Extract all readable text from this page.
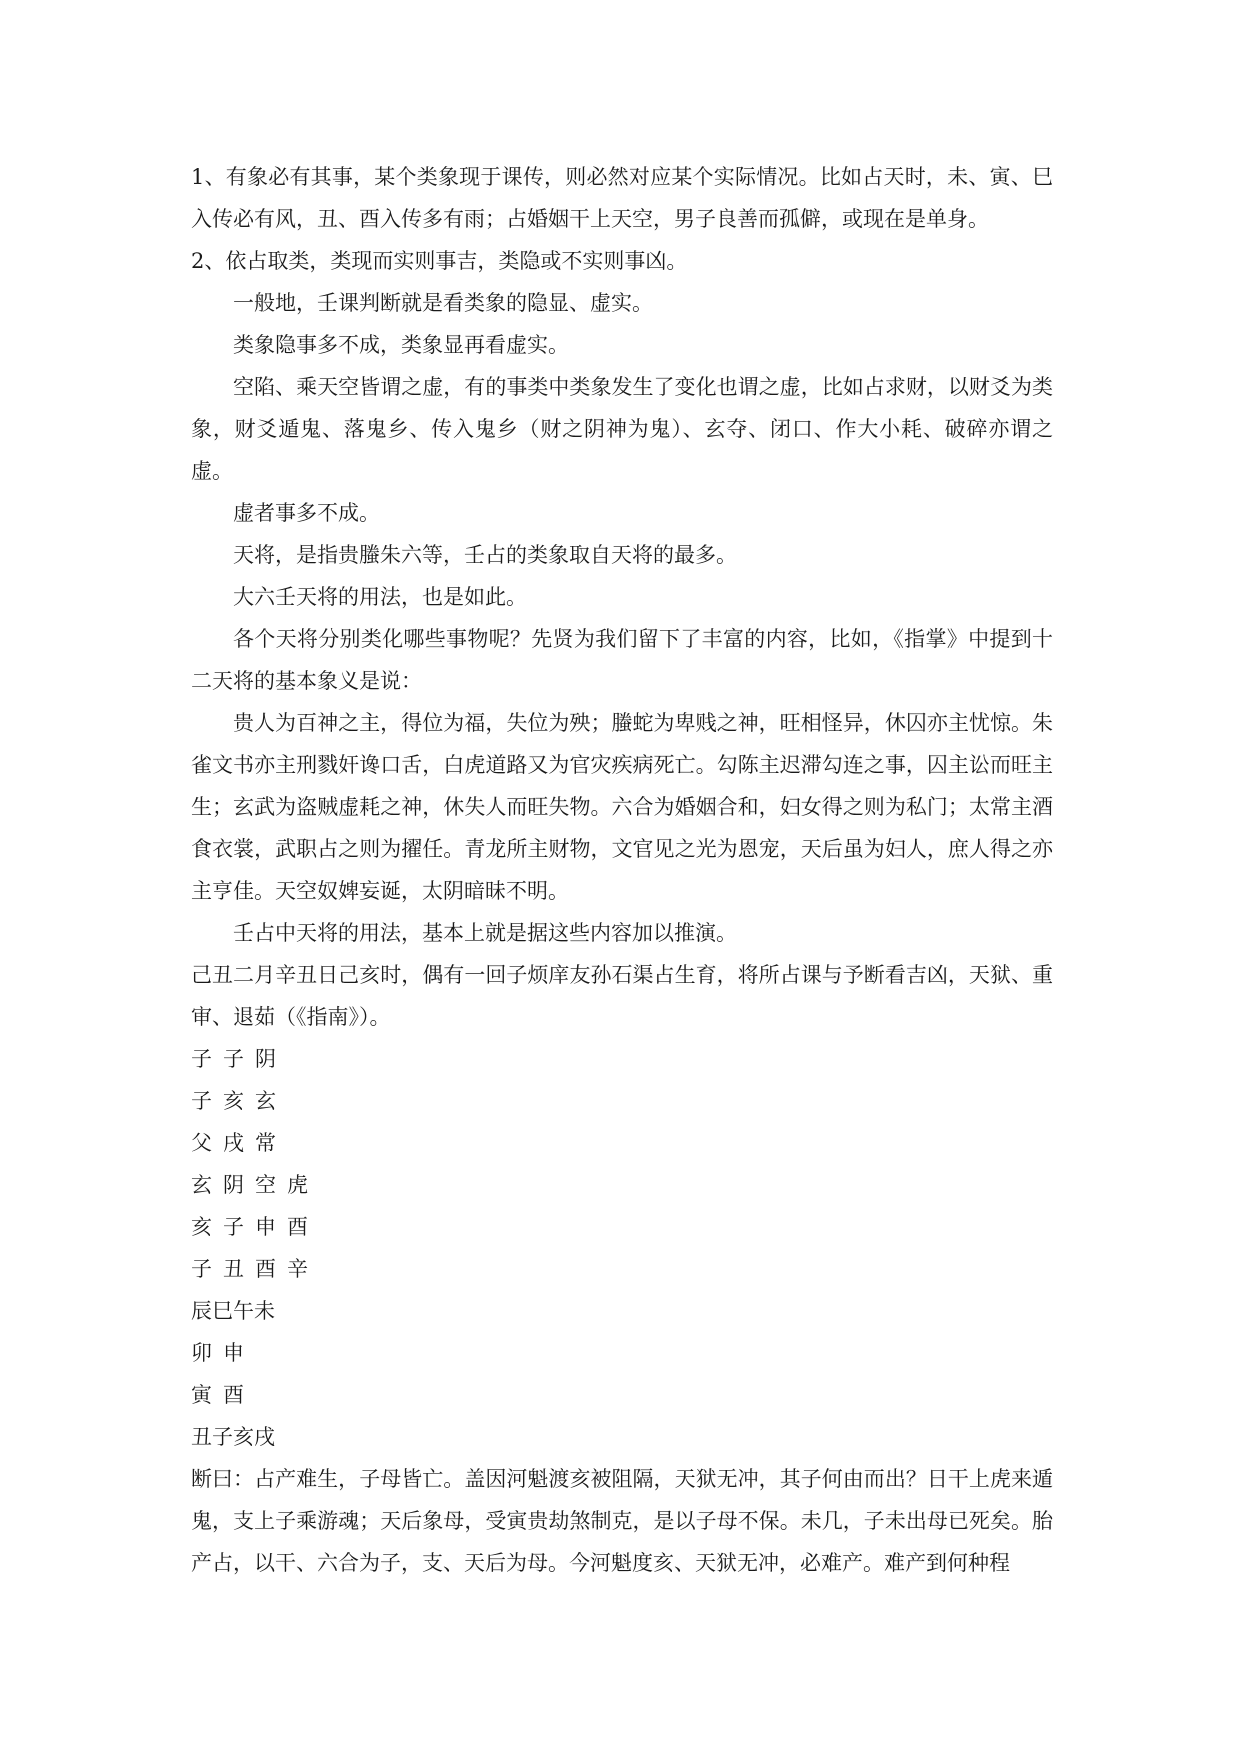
1、有象必有其事，某个类象现于课传，则必然对应某个实际情况。比如占天时，未、寅、巳入传必有风，丑、酉入传多有雨；占婚姻干上天空，男子良善而孤僻，或现在是单身。

2、依占取类，类现而实则事吉，类隐或不实则事凶。

一般地，壬课判断就是看类象的隐显、虚实。

类象隐事多不成，类象显再看虚实。

空陷、乘天空皆谓之虚，有的事类中类象发生了变化也谓之虚，比如占求财，以财爻为类象，财爻遁鬼、落鬼乡、传入鬼乡（财之阴神为鬼）、玄夺、闭口、作大小耗、破碎亦谓之虚。

虚者事多不成。

天将，是指贵螣朱六等，壬占的类象取自天将的最多。

大六壬天将的用法，也是如此。

各个天将分别类化哪些事物呢？先贤为我们留下了丰富的内容，比如，《指掌》中提到十二天将的基本象义是说：

贵人为百神之主，得位为福，失位为殃；螣蛇为卑贱之神，旺相怪异，休囚亦主忧惊。朱雀文书亦主刑戮奸谗口舌，白虎道路又为官灾疾病死亡。勾陈主迟滞勾连之事，囚主讼而旺主生；玄武为盗贼虚耗之神，休失人而旺失物。六合为婚姻合和，妇女得之则为私门；太常主酒食衣裳，武职占之则为擢任。青龙所主财物，文官见之光为恩宠，天后虽为妇人，庶人得之亦主亨佳。天空奴婢妄诞，太阴暗昧不明。

壬占中天将的用法，基本上就是据这些内容加以推演。

己丑二月辛丑日己亥时，偶有一回子烦庠友孙石渠占生育，将所占课与予断看吉凶，天狱、重审、退茹（《指南》）。

子子阴

子亥玄

父戌常

玄阴空虎

亥子申酉

子丑酉辛

辰巳午未

卯申

寅酉

丑子亥戌

断曰：占产难生，子母皆亡。盖因河魁渡亥被阻隔，天狱无冲，其子何由而出？日干上虎来遁鬼，支上子乘游魂；天后象母，受寅贵劫煞制克，是以子母不保。未几，子未出母已死矣。胎产占，以干、六合为子，支、天后为母。今河魁度亥、天狱无冲，必难产。难产到何种程
